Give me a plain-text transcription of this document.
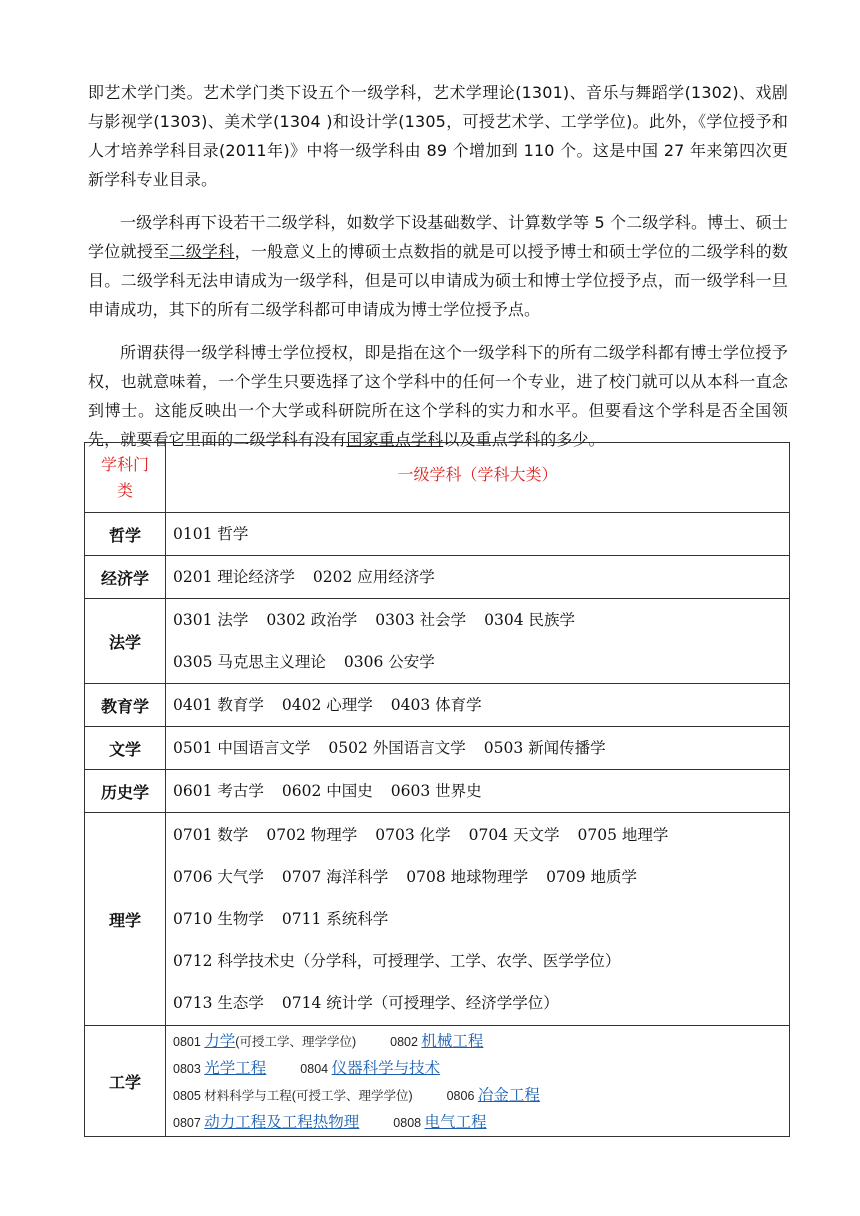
即艺术学门类。艺术学门类下设五个一级学科，艺术学理论(1301)、音乐与舞蹈学(1302)、戏剧与影视学(1303)、美术学(1304 )和设计学(1305，可授艺术学、工学学位)。此外，《学位授予和人才培养学科目录(2011年)》中将一级学科由 89 个增加到 110 个。这是中国 27 年来第四次更新学科专业目录。

一级学科再下设若干二级学科，如数学下设基础数学、计算数学等 5 个二级学科。博士、硕士学位就授至二级学科，一般意义上的博硕士点数指的就是可以授予博士和硕士学位的二级学科的数目。二级学科无法申请成为一级学科，但是可以申请成为硕士和博士学位授予点，而一级学科一旦申请成功，其下的所有二级学科都可申请成为博士学位授予点。

所谓获得一级学科博士学位授权，即是指在这个一级学科下的所有二级学科都有博士学位授予权，也就意味着，一个学生只要选择了这个学科中的任何一个专业，进了校门就可以从本科一直念到博士。这能反映出一个大学或科研院所在这个学科的实力和水平。但要看这个学科是否全国领先，就要看它里面的二级学科有没有国家重点学科以及重点学科的多少。

学科门
类	一级学科（学科大类）
哲学	0101 哲学

经济学	0201 理论经济学 0202 应用经济学

法学	0301 法学 0302 政治学 0303 社会学 0304 民族学
0305 马克思主义理论 0306 公安学

教育学	0401 教育学 0402 心理学 0403 体育学

文学	0501 中国语言文学 0502 外国语言文学 0503 新闻传播学

历史学	0601 考古学 0602 中国史 0603 世界史

理学	0701 数学 0702 物理学 0703 化学 0704 天文学 0705 地理学
0706 大气学 0707 海洋科学 0708 地球物理学 0709 地质学
0710 生物学 0711 系统科学
0712 科学技术史（分学科，可授理学、工学、农学、医学学位）
0713 生态学 0714 统计学（可授理学、经济学学位）

工学	0801 力学(可授工学、理学学位) 0802 机械工程
0803 光学工程 0804 仪器科学与技术
0805 材料科学与工程(可授工学、理学学位) 0806 冶金工程
0807 动力工程及工程热物理 0808 电气工程
